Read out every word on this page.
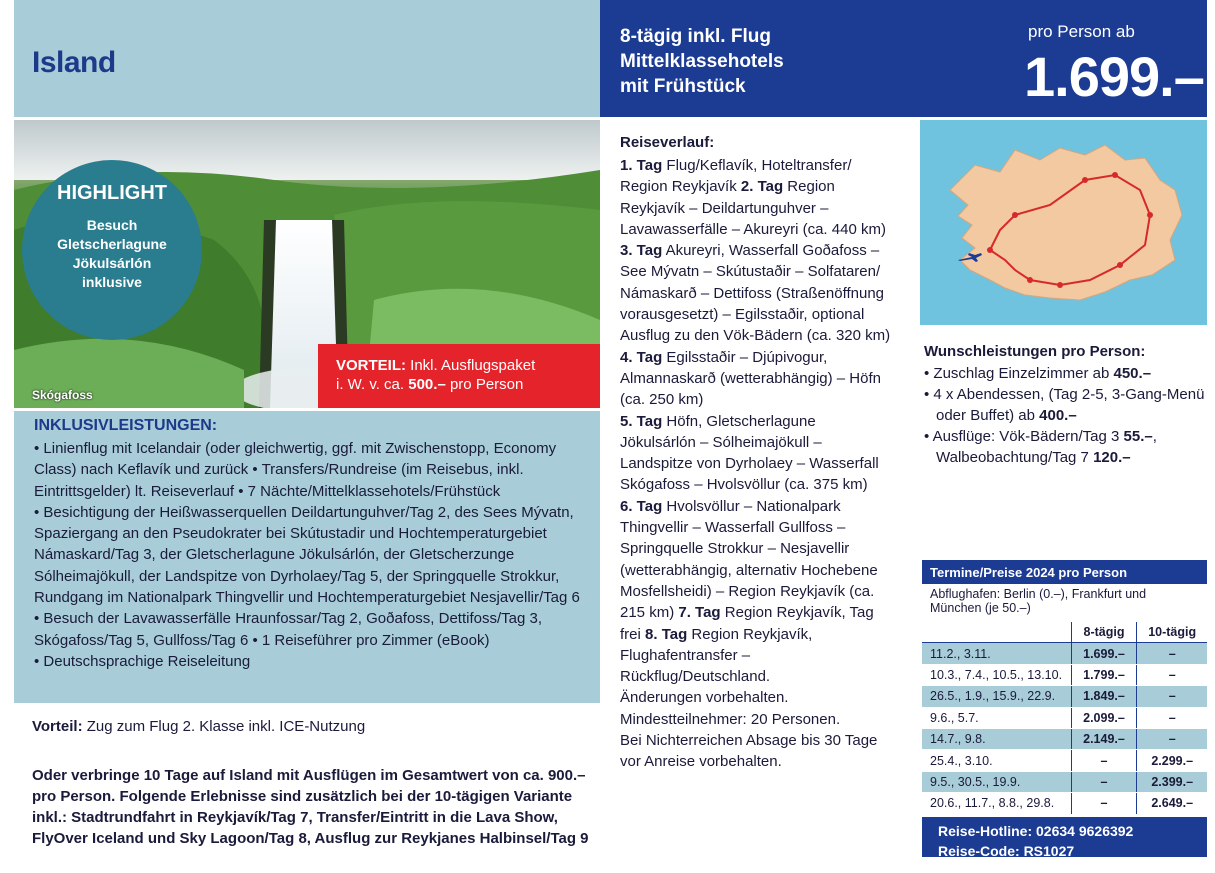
Island
8-tägig inkl. Flug
Mittelklassehotels
mit Frühstück
pro Person ab
1.699.–
HIGHLIGHT
Besuch Gletscherlagune Jökulsárlón inklusive
Skógafoss
VORTEIL: Inkl. Ausflugspaket
i. W. v. ca. 500.– pro Person
INKLUSIVLEISTUNGEN:

• Linienflug mit Icelandair (oder gleichwertig, ggf. mit Zwischenstopp, Economy Class) nach Keflavík und zurück • Transfers/Rundreise (im Reisebus, inkl. Eintrittsgelder) lt. Reiseverlauf • 7 Nächte/Mittelklassehotels/Frühstück

• Besichtigung der Heißwasserquellen Deildartunguhver/Tag 2, des Sees Mývatn, Spaziergang an den Pseudokrater bei Skútustadir und Hochtemperaturgebiet Námaskard/Tag 3, der Gletscherlagune Jökulsárlón, der Gletscherzunge Sólheimajökull, der Landspitze von Dyrholaey/Tag 5, der Springquelle Strokkur, Rundgang im Nationalpark Thingvellir und Hochtemperaturgebiet Nesjavellir/Tag 6

• Besuch der Lavawasserfälle Hraunfossar/Tag 2, Goðafoss, Dettifoss/Tag 3, Skógafoss/Tag 5, Gullfoss/Tag 6 • 1 Reiseführer pro Zimmer (eBook)

• Deutschsprachige Reiseleitung

Vorteil: Zug zum Flug 2. Klasse inkl. ICE-Nutzung
Oder verbringe 10 Tage auf Island mit Ausflügen im Gesamtwert von ca. 900.– pro Person. Folgende Erlebnisse sind zusätzlich bei der 10-tägigen Variante inkl.: Stadtrundfahrt in Reykjavík/Tag 7, Transfer/Eintritt in die Lava Show, FlyOver Iceland und Sky Lagoon/Tag 8, Ausflug zur Reykjanes Halbinsel/Tag 9
Reiseverlauf:

1. Tag Flug/Keflavík, Hoteltransfer/ Region Reykjavík 2. Tag Region Reykjavík – Deildartunguhver – Lavawasserfälle – Akureyri (ca. 440 km)

3. Tag Akureyri, Wasserfall Goðafoss – See Mývatn – Skútustaðir – Solfataren/ Námaskarð – Dettifoss (Straßenöffnung vorausgesetzt) – Egilsstaðir, optional Ausflug zu den Vök-Bädern (ca. 320 km) 4. Tag Egilsstaðir – Djúpivogur, Almannaskarð (wetterabhängig) – Höfn (ca. 250 km)

5. Tag Höfn, Gletscherlagune Jökulsárlón – Sólheimajökull – Landspitze von Dyrholaey – Wasserfall Skógafoss – Hvolsvöllur (ca. 375 km)

6. Tag Hvolsvöllur – Nationalpark Thingvellir – Wasserfall Gullfoss – Springquelle Strokkur – Nesjavellir (wetterabhängig, alternativ Hochebene Mosfellsheidi) – Region Reykjavík (ca. 215 km) 7. Tag Region Reykjavík, Tag frei 8. Tag Region Reykjavík, Flughafentransfer – Rückflug/Deutschland.

Änderungen vorbehalten.

Mindestteilnehmer: 20 Personen.

Bei Nichterreichen Absage bis 30 Tage vor Anreise vorbehalten.

Wunschleistungen pro Person:

• Zuschlag Einzelzimmer ab 450.–

• 4 x Abendessen, (Tag 2-5, 3-Gang-Menü oder Buffet) ab 400.–

• Ausflüge: Vök-Bädern/Tag 3 55.–, Walbeobachtung/Tag 7 120.–

Termine/Preise 2024 pro Person
Abflughafen: Berlin (0.–), Frankfurt und München (je 50.–)
	8-tägig	10-tägig
11.2., 3.11.	1.699.–	–
10.3., 7.4., 10.5., 13.10.	1.799.–	–
26.5., 1.9., 15.9., 22.9.	1.849.–	–
9.6., 5.7.	2.099.–	–
14.7., 9.8.	2.149.–	–
25.4., 3.10.	–	2.299.–
9.5., 30.5., 19.9.	–	2.399.–
20.6., 11.7., 8.8., 29.8.	–	2.649.–
Reise-Hotline: 02634 9626392
Reise-Code: RS1027
